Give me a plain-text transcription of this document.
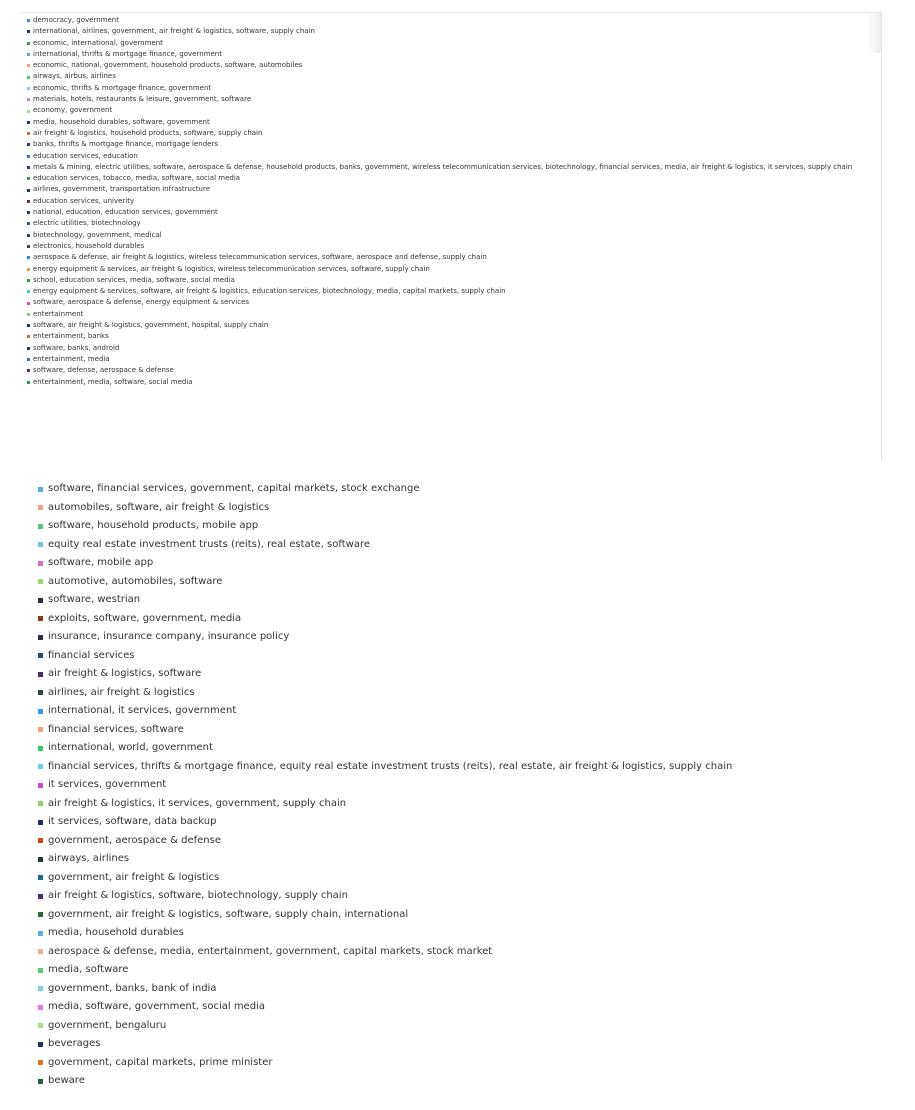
democracy, government
international, airlines, government, air freight & logistics, software, supply chain
economic, international, government
international, thrifts & mortgage finance, government
economic, national, government, household products, software, automobiles
airways, airbus, airlines
economic, thrifts & mortgage finance, government
materials, hotels, restaurants & leisure, government, software
economy, government
media, household durables, software, government
air freight & logistics, household products, software, supply chain
banks, thrifts & mortgage finance, mortgage lenders
education services, education
metals & mining, electric utilities, software, aerospace & defense, household products, banks, government, wireless telecommunication services, biotechnology, financial services, media, air freight & logistics, it services, supply chain
education services, tobacco, media, software, social media
airlines, government, transportation infrastructure
education services, univerity
national, education, education services, government
electric utilities, biotechnology
biotechnology, government, medical
electronics, household durables
aerospace & defense, air freight & logistics, wireless telecommunication services, software, aerospace and defense, supply chain
energy equipment & services, air freight & logistics, wireless telecommunication services, software, supply chain
school, education services, media, software, social media
energy equipment & services, software, air freight & logistics, education services, biotechnology, media, capital markets, supply chain
software, aerospace & defense, energy equipment & services
entertainment
software, air freight & logistics, government, hospital, supply chain
entertainment, banks
software, banks, android
entertainment, media
software, defense, aerospace & defense
entertainment, media, software, social media
software, financial services, government, capital markets, stock exchange
automobiles, software, air freight & logistics
software, household products, mobile app
equity real estate investment trusts (reits), real estate, software
software, mobile app
automotive, automobiles, software
software, westrian
exploits, software, government, media
insurance, insurance company, insurance policy
financial services
air freight & logistics, software
airlines, air freight & logistics
international, it services, government
financial services, software
international, world, government
financial services, thrifts & mortgage finance, equity real estate investment trusts (reits), real estate, air freight & logistics, supply chain
it services, government
air freight & logistics, it services, government, supply chain
it services, software, data backup
government, aerospace & defense
airways, airlines
government, air freight & logistics
air freight & logistics, software, biotechnology, supply chain
government, air freight & logistics, software, supply chain, international
media, household durables
aerospace & defense, media, entertainment, government, capital markets, stock market
media, software
government, banks, bank of india
media, software, government, social media
government, bengaluru
beverages
government, capital markets, prime minister
beware
